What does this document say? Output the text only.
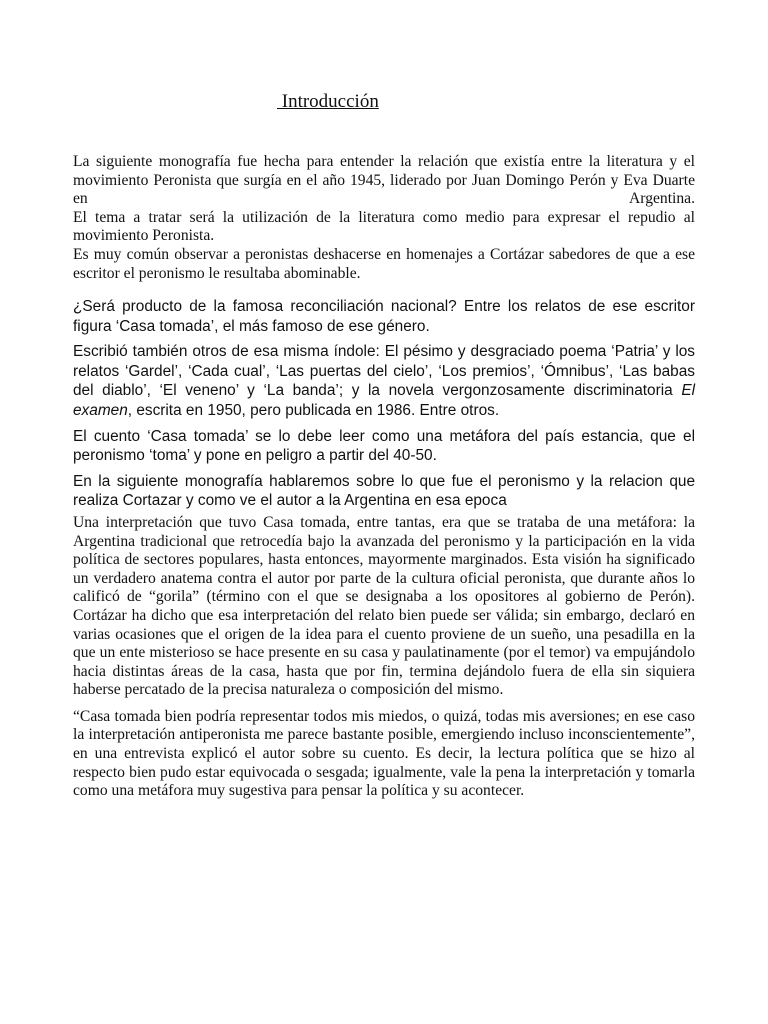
Introducción

La siguiente monografía fue hecha para entender la relación que existía entre la literatura y el movimiento Peronista que surgía en el año 1945, liderado por Juan Domingo Perón y Eva Duarte en Argentina.

El tema a tratar será la utilización de la literatura como medio para expresar el repudio al movimiento Peronista.

Es muy común observar a peronistas deshacerse en homenajes a Cortázar sabedores de que a ese escritor el peronismo le resultaba abominable.

¿Será producto de la famosa reconciliación nacional? Entre los relatos de ese escritor figura ‘Casa tomada’, el más famoso de ese género.

Escribió también otros de esa misma índole: El pésimo y desgraciado poema ‘Patria’ y los relatos ‘Gardel’, ‘Cada cual’, ‘Las puertas del cielo’, ‘Los premios’, ‘Ómnibus’, ‘Las babas del diablo’, ‘El veneno’ y ‘La banda’; y la novela vergonzosamente discriminatoria El examen, escrita en 1950, pero publicada en 1986. Entre otros.

El cuento ‘Casa tomada’ se lo debe leer como una metáfora del país estancia, que el peronismo ‘toma’ y pone en peligro a partir del 40-50.

En la siguiente monografía hablaremos sobre lo que fue el peronismo y la relacion que realiza Cortazar y como ve el autor a la Argentina en esa epoca

Una interpretación que tuvo Casa tomada, entre tantas, era que se trataba de una metáfora: la Argentina tradicional que retrocedía bajo la avanzada del peronismo y la participación en la vida política de sectores populares, hasta entonces, mayormente marginados. Esta visión ha significado un verdadero anatema contra el autor por parte de la cultura oficial peronista, que durante años lo calificó de “gorila” (término con el que se designaba a los opositores al gobierno de Perón). Cortázar ha dicho que esa interpretación del relato bien puede ser válida; sin embargo, declaró en varias ocasiones que el origen de la idea para el cuento proviene de un sueño, una pesadilla en la que un ente misterioso se hace presente en su casa y paulatinamente (por el temor) va empujándolo hacia distintas áreas de la casa, hasta que por fin, termina dejándolo fuera de ella sin siquiera haberse percatado de la precisa naturaleza o composición del mismo.

“Casa tomada bien podría representar todos mis miedos, o quizá, todas mis aversiones; en ese caso la interpretación antiperonista me parece bastante posible, emergiendo incluso inconscientemente”, en una entrevista explicó el autor sobre su cuento. Es decir, la lectura política que se hizo al respecto bien pudo estar equivocada o sesgada; igualmente, vale la pena la interpretación y tomarla como una metáfora muy sugestiva para pensar la política y su acontecer.
